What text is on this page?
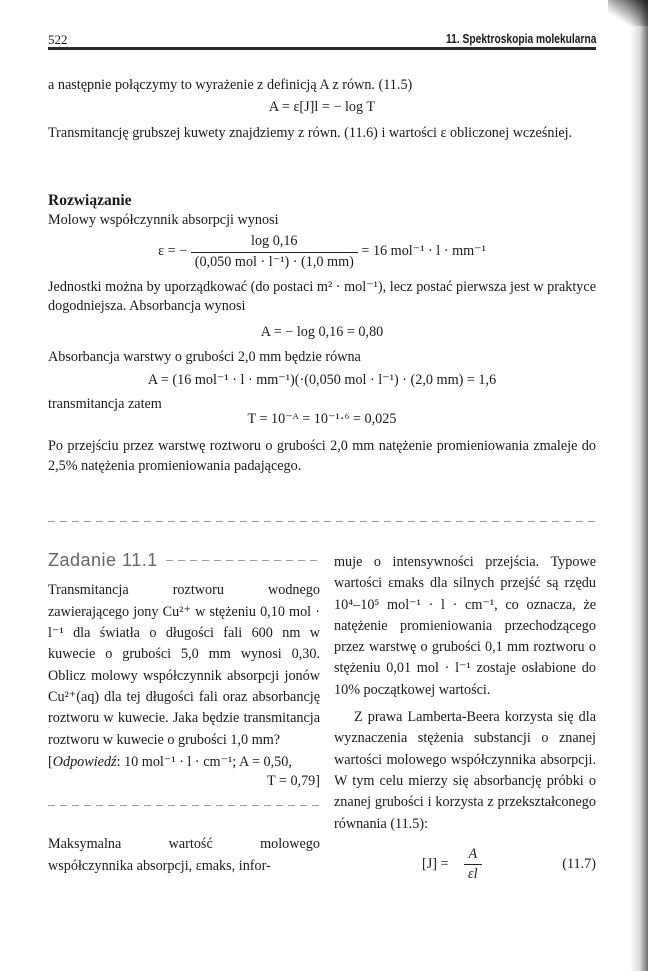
522	11. Spektroskopia molekularna

a następnie połączymy to wyrażenie z definicją A z równ. (11.5)

A = ε[J]l = − log T

Transmitancję grubszej kuwety znajdziemy z równ. (11.6) i wartości ε obliczonej wcześniej.

Rozwiązanie

Molowy współczynnik absorpcji wynosi

ε = − $\frac{\log 0,16}{\text{(0,050 mol · l⁻¹) · (1,0 mm)}} = 16$ mol⁻¹ · l · mm⁻¹

Jednostki można by uporządkować (do postaci m² · mol⁻¹), lecz postać pierwsza jest w praktyce dogodniejsza. Absorbancja wynosi

A = − log 0,16 = 0,80

Absorbancja warstwy o grubości 2,0 mm będzie równa

A = (16 mol⁻¹ · l · mm⁻¹)(·(0,050 mol · l⁻¹) · (2,0 mm) = 1,6

transmitancja zatem

T = 10⁻ᴬ = 10⁻¹·⁶ = 0,025

Po przejściu przez warstwę roztworu o grubości 2,0 mm natężenie promieniowania zmaleje do 2,5% natężenia promieniowania padającego.

Zadanie 11.1

Transmitancja roztworu wodnego zawierającego jony Cu²⁺ w stężeniu 0,10 mol · l⁻¹ dla światła o długości fali 600 nm w kuwecie o grubości 5,0 mm wynosi 0,30. Oblicz molowy współczynnik absorpcji jonów Cu²⁺(aq) dla tej długości fali oraz absorbancję roztworu w kuwecie. Jaka będzie transmitancja roztworu w kuwecie o grubości 1,0 mm?

[Odpowiedź: 10 mol⁻¹ · l · cm⁻¹; A = 0,50,

T = 0,79]

Maksymalna wartość molowego współczynnika absorpcji, εmaks, infor-

muje o intensywności przejścia. Typowe wartości εmaks dla silnych przejść są rzędu 10⁴–10⁵ mol⁻¹ · l · cm⁻¹, co oznacza, że natężenie promieniowania przechodzącego przez warstwę o grubości 0,1 mm roztworu o stężeniu 0,01 mol · l⁻¹ zostaje osłabione do 10% początkowej wartości.

Z prawa Lamberta-Beera korzysta się dla wyznaczenia stężenia substancji o znanej wartości molowego współczynnika absorpcji. W tym celu mierzy się absorbancję próbki o znanej grubości i korzysta z przekształconego równania (11.5):

$[J] = \frac{A}{\varepsilon l}$	(11.7)
